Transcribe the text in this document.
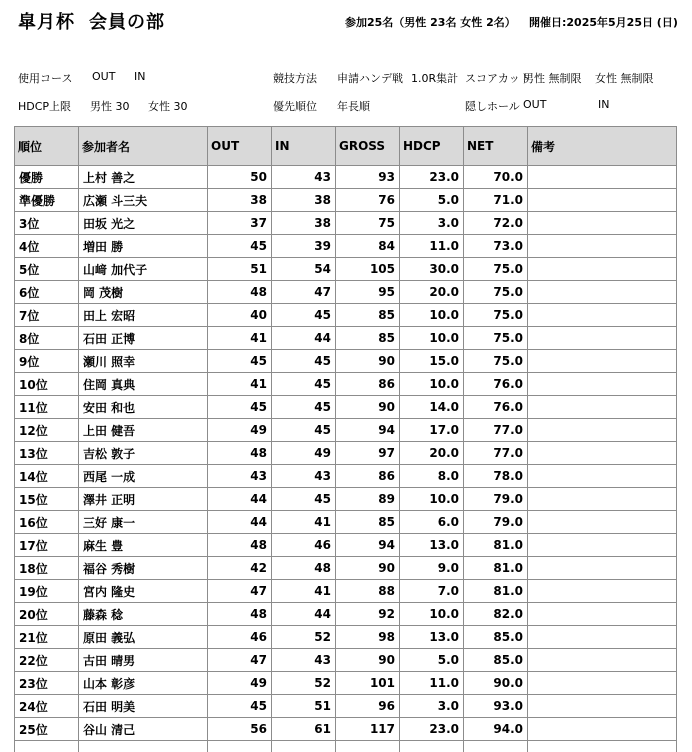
皐月杯 会員の部	参加25名（男性 23名 女性 2名） 開催日:2025年5月25日 (日)
使用コース OUT IN	競技方法 申請ハンデ戦 1.0R集計 スコアカット
男性 無制限 女性 無制限
HDCP上限 男性 30 女性 30	優先順位 年長順	隠しホール OUT	IN
順位	参加者名	OUT	IN	GROSS	HDCP	NET	備考
優勝	上村 善之	50	43	93	23.0	70.0	
準優勝	広瀬 斗三夫	38	38	76	5.0	71.0	
3位	田坂 光之	37	38	75	3.0	72.0	
4位	増田 勝	45	39	84	11.0	73.0	
5位	山﨑 加代子	51	54	105	30.0	75.0	
6位	岡 茂樹	48	47	95	20.0	75.0	
7位	田上 宏昭	40	45	85	10.0	75.0	
8位	石田 正博	41	44	85	10.0	75.0	
9位	瀬川 照幸	45	45	90	15.0	75.0	
10位	住岡 真典	41	45	86	10.0	76.0	
11位	安田 和也	45	45	90	14.0	76.0	
12位	上田 健吾	49	45	94	17.0	77.0	
13位	吉松 敦子	48	49	97	20.0	77.0	
14位	西尾 一成	43	43	86	8.0	78.0	
15位	澤井 正明	44	45	89	10.0	79.0	
16位	三好 康一	44	41	85	6.0	79.0	
17位	麻生 豊	48	46	94	13.0	81.0	
18位	福谷 秀樹	42	48	90	9.0	81.0	
19位	宮内 隆史	47	41	88	7.0	81.0	
20位	藤森 稔	48	44	92	10.0	82.0	
21位	原田 義弘	46	52	98	13.0	85.0	
22位	古田 晴男	47	43	90	5.0	85.0	
23位	山本 彰彦	49	52	101	11.0	90.0	
24位	石田 明美	45	51	96	3.0	93.0	
25位	谷山 清己	56	61	117	23.0	94.0	
